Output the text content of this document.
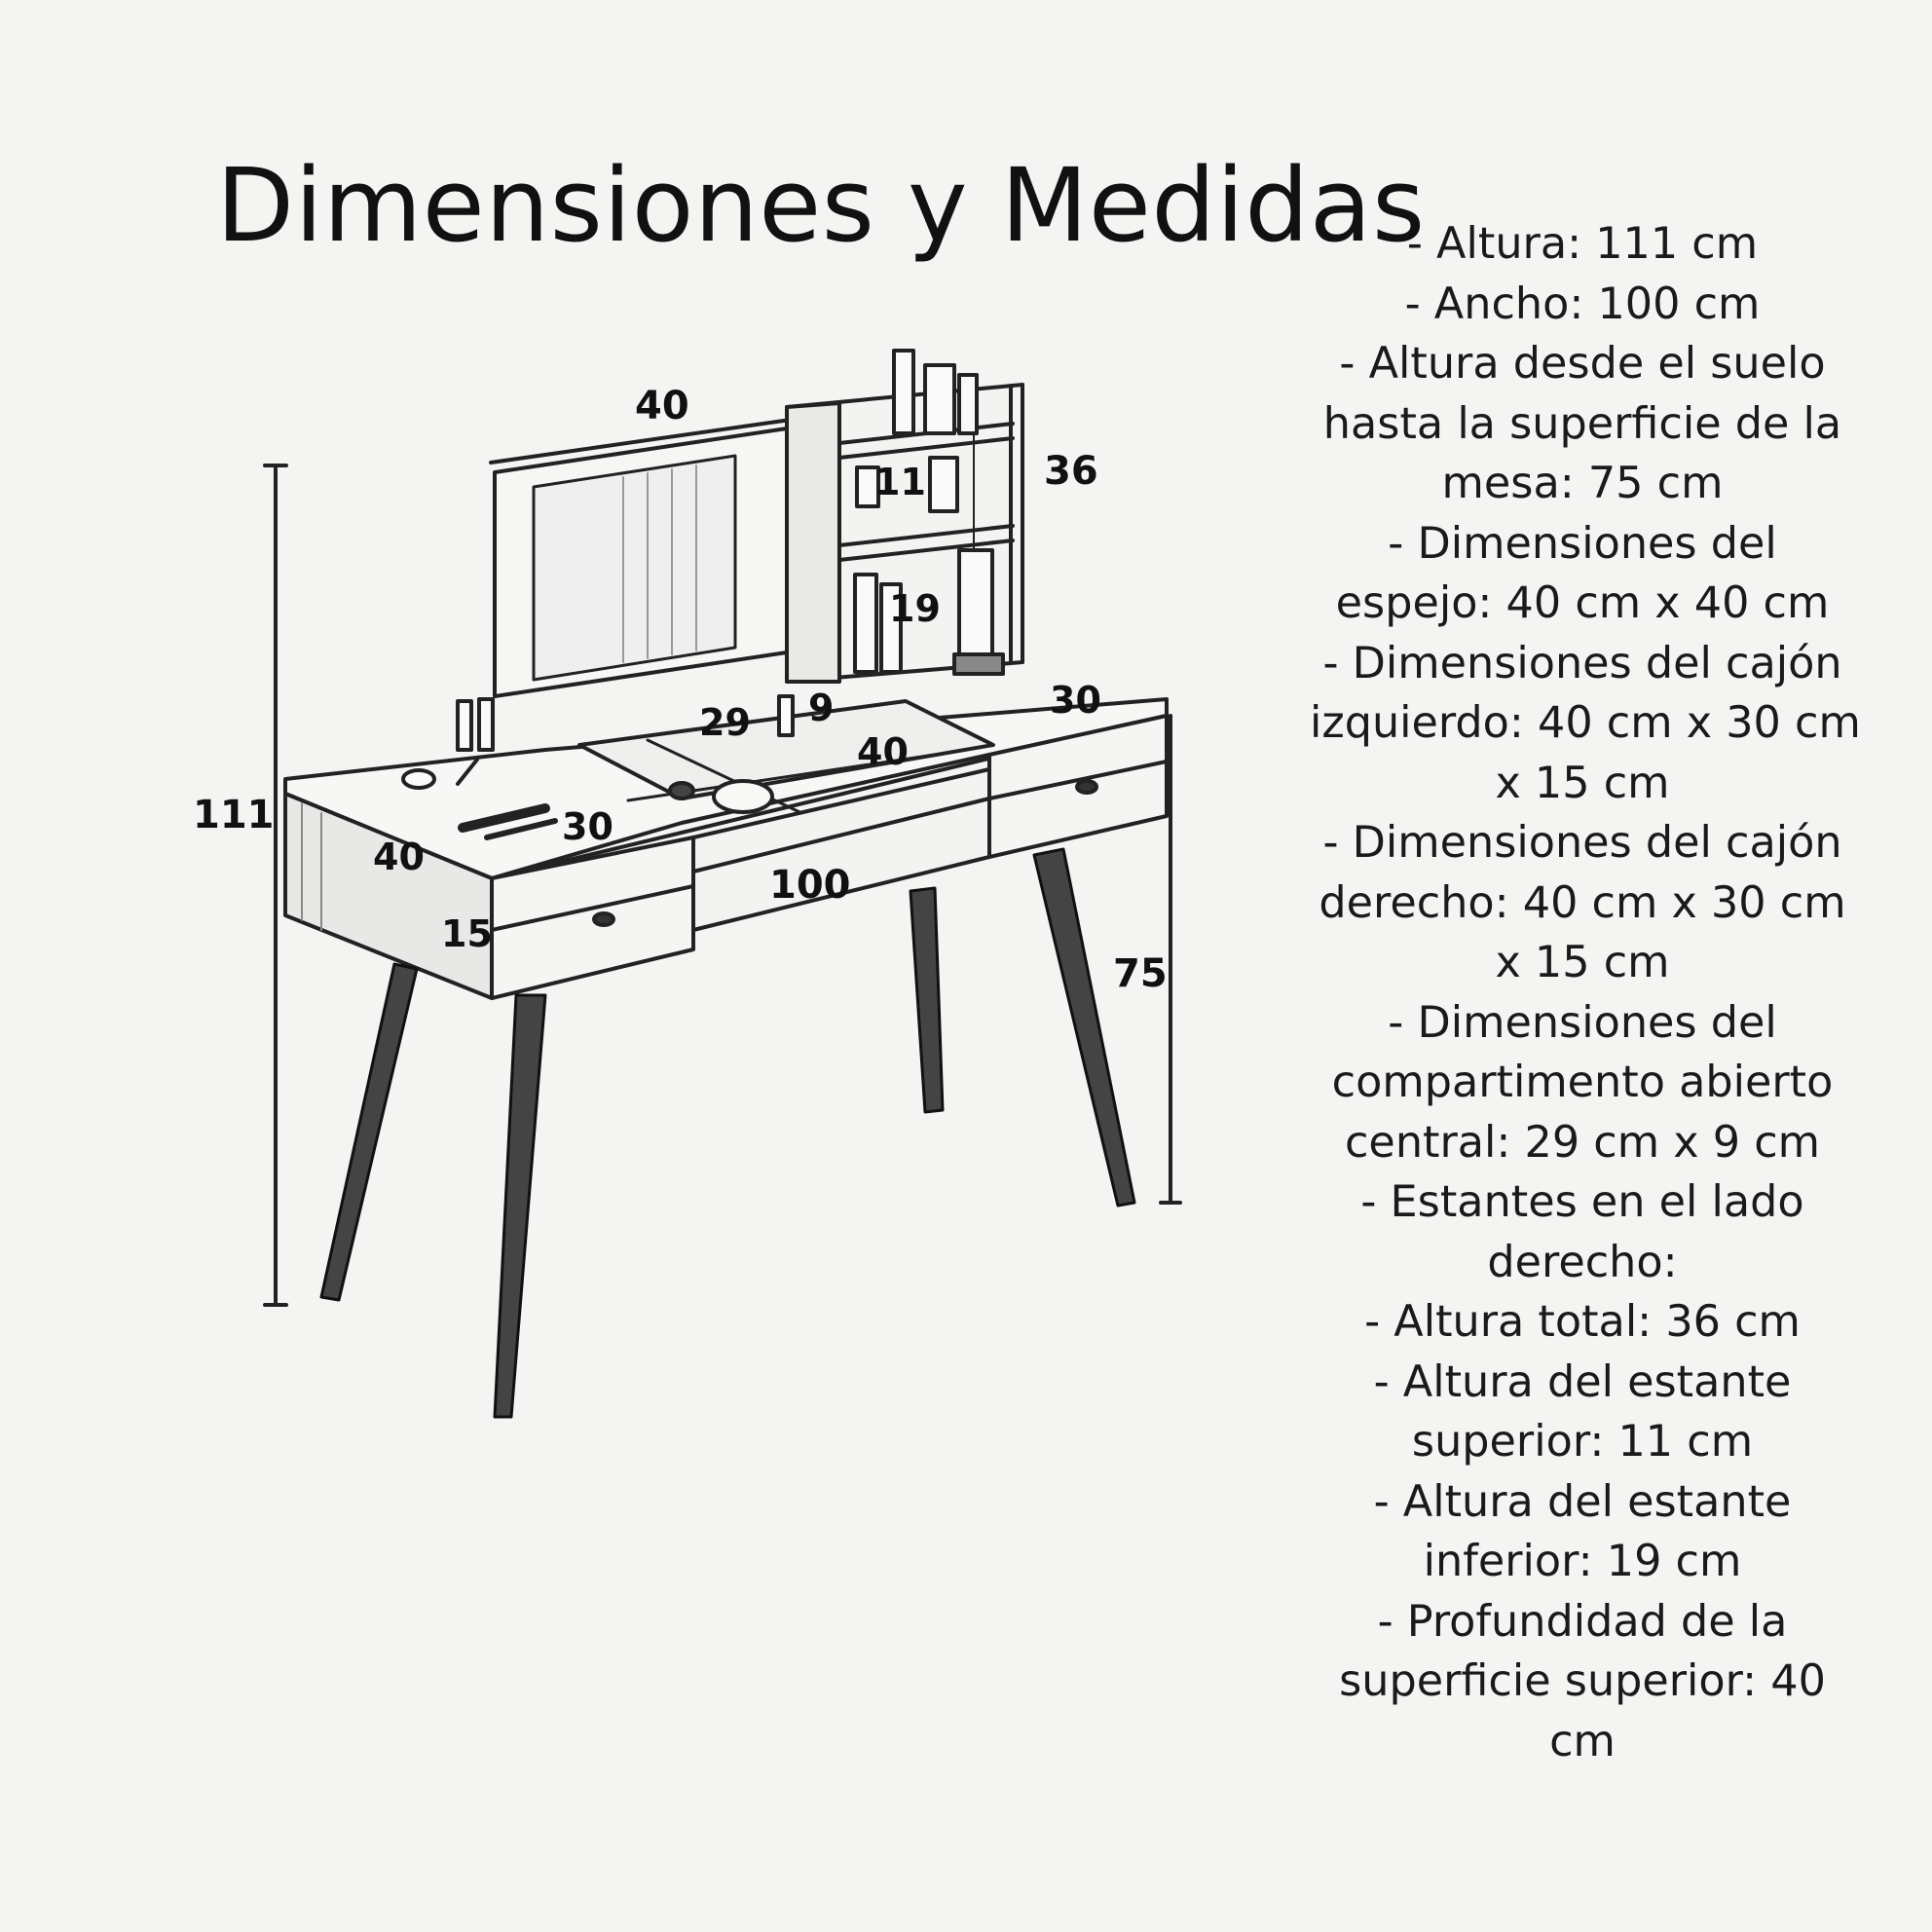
Dimensiones y Medidas
- Altura: 111 cm
- Ancho: 100 cm
- Altura desde el suelo
hasta la superficie de la
mesa: 75 cm
- Dimensiones del
espejo: 40 cm x 40 cm
- Dimensiones del cajón
izquierdo: 40 cm x 30 cm
x 15 cm
- Dimensiones del cajón
derecho: 40 cm x 30 cm
x 15 cm
- Dimensiones del
compartimento abierto
central: 29 cm x 9 cm
- Estantes en el lado
derecho:
- Altura total: 36 cm
- Altura del estante
superior: 11 cm
- Altura del estante
inferior: 19 cm
- Profundidad de la
superficie superior: 40
cm
111
40
36
11
19
30
29 9
40
30
40
15
100
75
